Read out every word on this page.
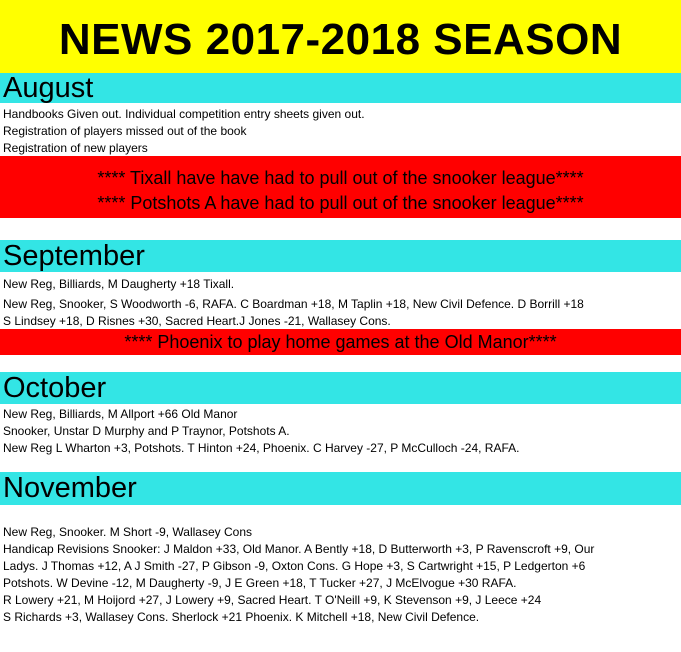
NEWS 2017-2018 SEASON
August
Handbooks Given out. Individual competition entry sheets given out.
Registration of players missed out of the book
Registration of new players
**** Tixall have have had to pull out of the snooker league****
**** Potshots A have had to pull out of the snooker league****
September
New Reg, Billiards, M Daugherty +18 Tixall.
New Reg, Snooker, S Woodworth -6, RAFA. C Boardman +18, M Taplin +18, New Civil Defence. D Borrill +18
S Lindsey +18, D Risnes +30, Sacred Heart.J Jones -21, Wallasey Cons.
**** Phoenix to play home games at the Old Manor****
October
New Reg, Billiards, M Allport +66 Old Manor
Snooker, Unstar D Murphy and P Traynor, Potshots A.
New Reg L Wharton +3, Potshots. T Hinton +24, Phoenix. C Harvey -27, P McCulloch -24, RAFA.
November
New Reg, Snooker. M Short -9, Wallasey Cons
Handicap Revisions Snooker: J Maldon +33, Old Manor. A Bently +18, D Butterworth +3, P Ravenscroft +9, Our
Ladys. J Thomas +12, A J Smith -27, P Gibson -9, Oxton Cons. G Hope +3, S Cartwright +15, P Ledgerton +6
Potshots. W Devine -12, M Daugherty -9, J E Green +18, T Tucker +27, J McElvogue +30 RAFA.
R Lowery +21, M Hoijord +27, J Lowery +9, Sacred Heart. T O'Neill +9, K Stevenson +9, J Leece +24
S Richards +3, Wallasey Cons. Sherlock +21 Phoenix. K Mitchell +18, New Civil Defence.
